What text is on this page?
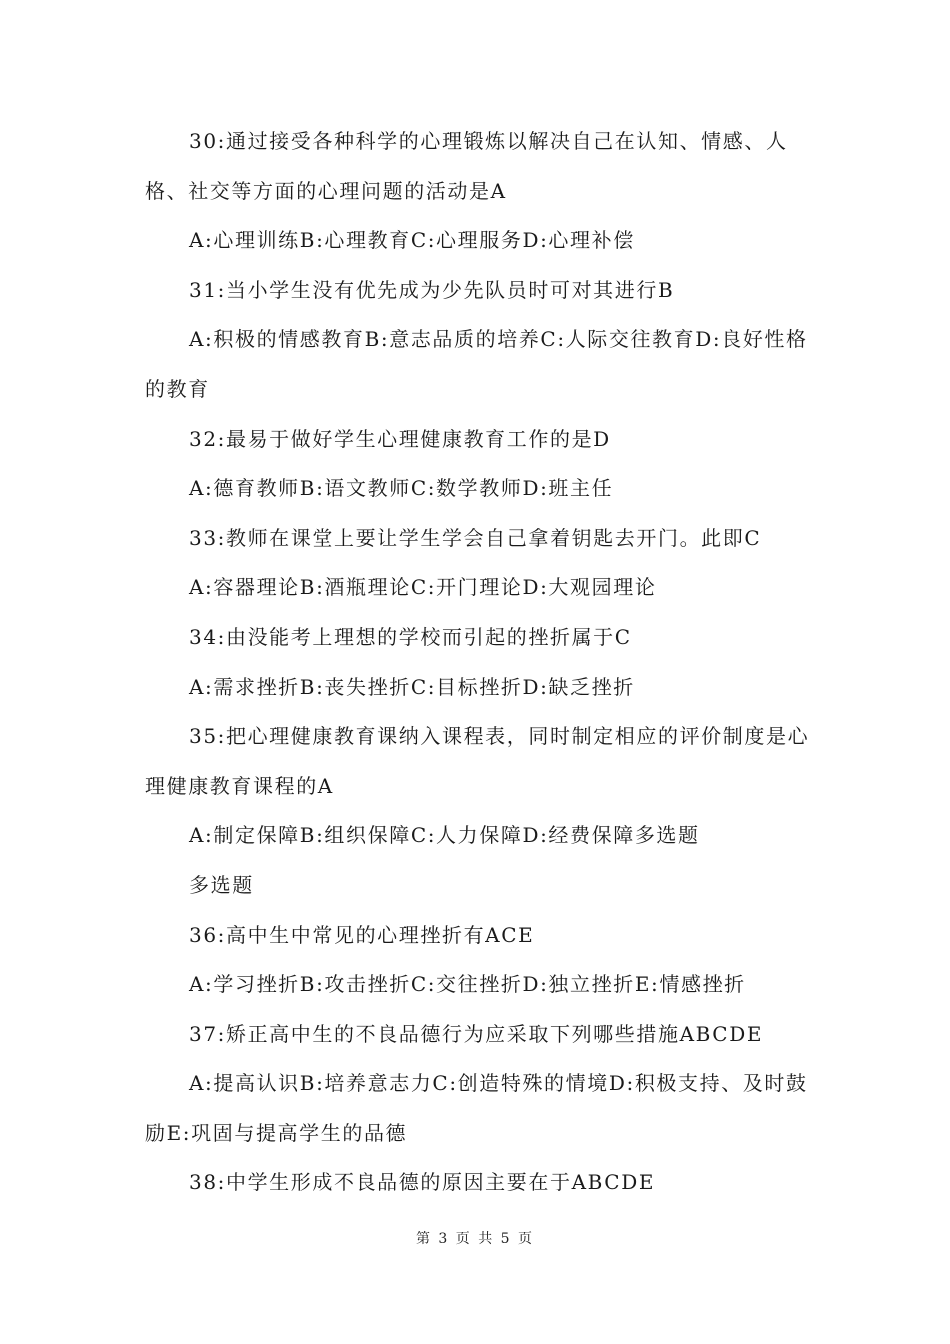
30:通过接受各种科学的心理锻炼以解决自己在认知、情感、人格、社交等方面的心理问题的活动是A

A:心理训练B:心理教育C:心理服务D:心理补偿

31:当小学生没有优先成为少先队员时可对其进行B

A:积极的情感教育B:意志品质的培养C:人际交往教育D:良好性格的教育

32:最易于做好学生心理健康教育工作的是D

A:德育教师B:语文教师C:数学教师D:班主任

33:教师在课堂上要让学生学会自己拿着钥匙去开门。此即C

A:容器理论B:酒瓶理论C:开门理论D:大观园理论

34:由没能考上理想的学校而引起的挫折属于C

A:需求挫折B:丧失挫折C:目标挫折D:缺乏挫折

35:把心理健康教育课纳入课程表，同时制定相应的评价制度是心理健康教育课程的A

A:制定保障B:组织保障C:人力保障D:经费保障多选题

多选题

36:高中生中常见的心理挫折有ACE

A:学习挫折B:攻击挫折C:交往挫折D:独立挫折E:情感挫折

37:矫正高中生的不良品德行为应采取下列哪些措施ABCDE

A:提高认识B:培养意志力C:创造特殊的情境D:积极支持、及时鼓励E:巩固与提高学生的品德

38:中学生形成不良品德的原因主要在于ABCDE

第 3 页 共 5 页
